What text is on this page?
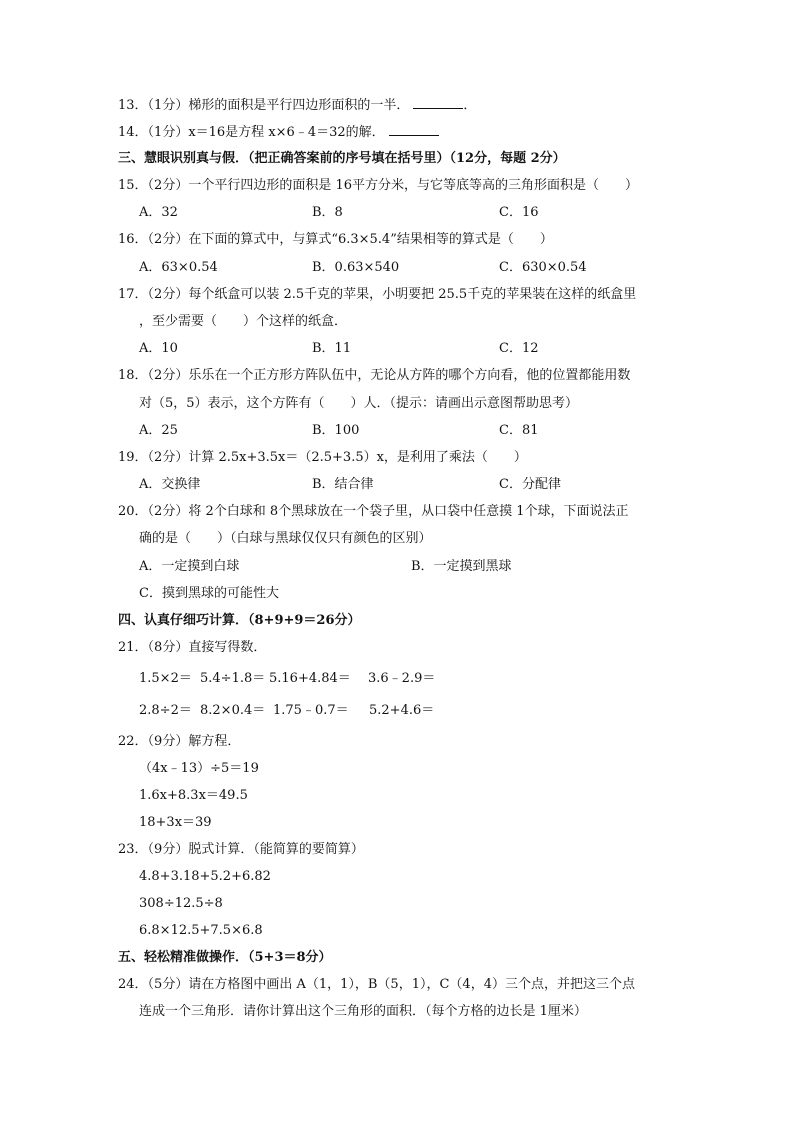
13．（1分）梯形的面积是平行四边形面积的一半．	．
14．（1分）x＝16是方程 x×6﹣4＝32的解．
三、慧眼识别真与假．（把正确答案前的序号填在括号里）（12分，每题 2分）
15．（2分）一个平行四边形的面积是 16平方分米，与它等底等高的三角形面积是（　　）
A．32	B．8	C．16
16．（2分）在下面的算式中，与算式“6.3×5.4”结果相等的算式是（　　）
A．63×0.54	B．0.63×540	C．630×0.54
17．（2分）每个纸盒可以装 2.5千克的苹果，小明要把 25.5千克的苹果装在这样的纸盒里
，至少需要（　　）个这样的纸盒．
A．10	B．11	C．12
18．（2分）乐乐在一个正方形方阵队伍中，无论从方阵的哪个方向看，他的位置都能用数
对（5，5）表示，这个方阵有（　　）人．（提示：请画出示意图帮助思考）
A．25	B．100	C．81
19．（2分）计算 2.5x+3.5x＝（2.5+3.5）x，是利用了乘法（　　）
A．交换律	B．结合律	C．分配律
20．（2分）将 2个白球和 8个黑球放在一个袋子里，从口袋中任意摸 1个球，下面说法正
确的是（　　）（白球与黑球仅仅只有颜色的区别）
A．一定摸到白球	B．一定摸到黑球
C．摸到黑球的可能性大
四、认真仔细巧计算．（8+9+9＝26分）
21．（8分）直接写得数．
1.5×2＝ 5.4÷1.8＝ 5.16+4.84＝ 3.6﹣2.9＝
2.8÷2＝ 8.2×0.4＝ 1.75﹣0.7＝ 5.2+4.6＝
22．（9分）解方程．
（4x﹣13）÷5＝19
1.6x+8.3x＝49.5
18+3x＝39
23．（9分）脱式计算．（能简算的要简算）
4.8+3.18+5.2+6.82
308÷12.5÷8
6.8×12.5+7.5×6.8
五、轻松精准做操作．（5+3＝8分）
24．（5分）请在方格图中画出 A（1，1），B（5，1），C（4，4）三个点，并把这三个点
连成一个三角形．请你计算出这个三角形的面积．（每个方格的边长是 1厘米）
